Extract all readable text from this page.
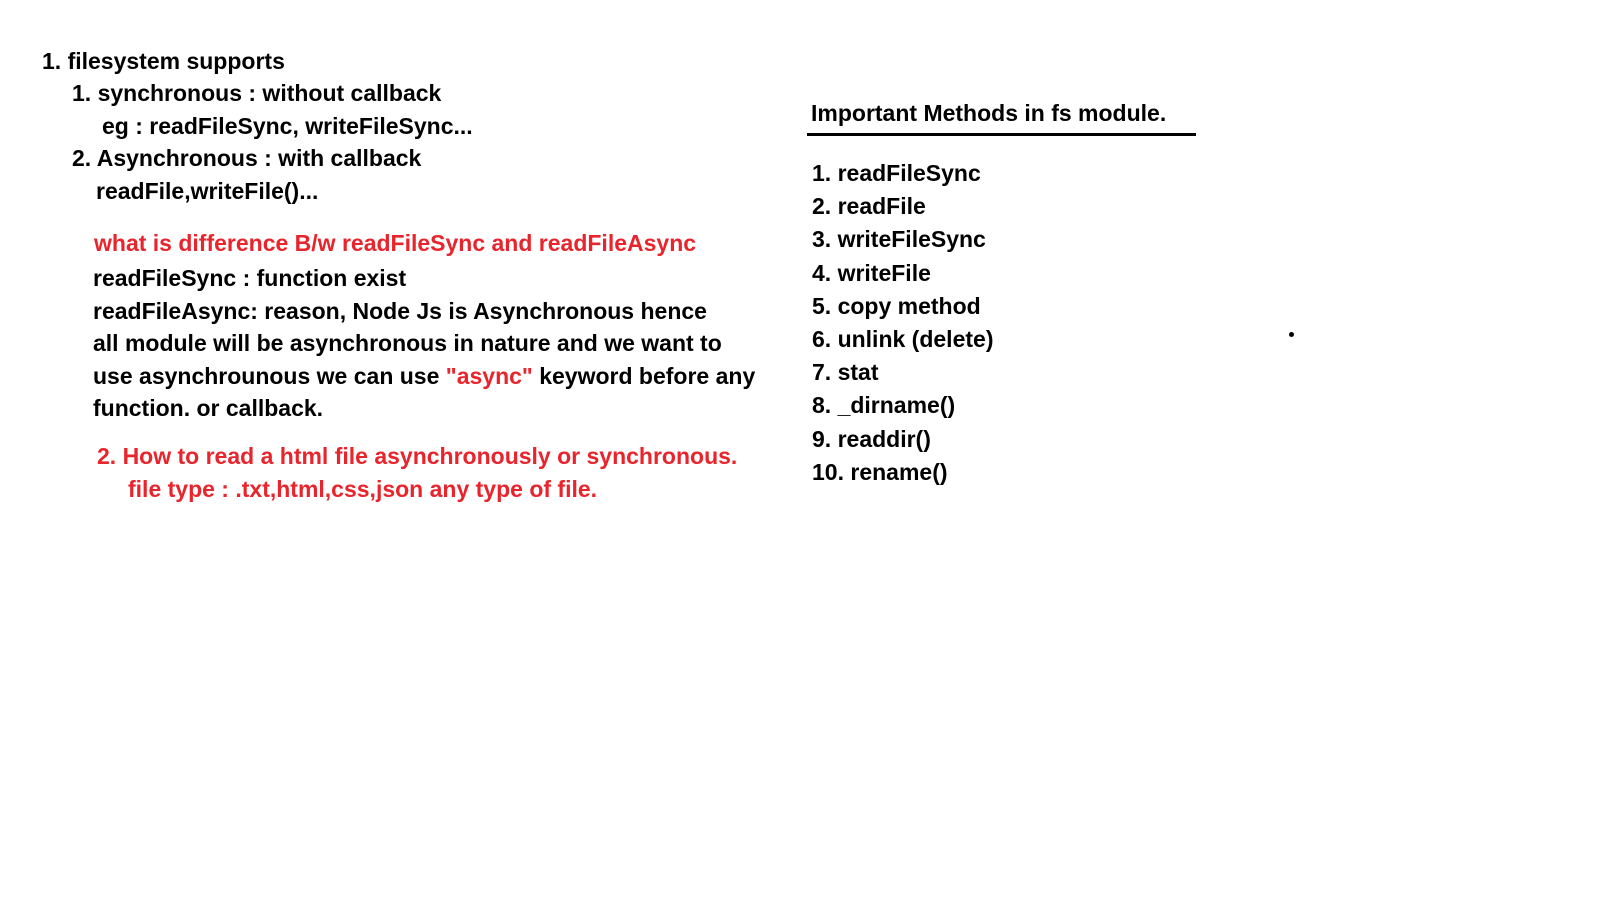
1. filesystem supports
1. synchronous : without callback
eg : readFileSync, writeFileSync...
2. Asynchronous : with callback
readFile,writeFile()...
what is difference B/w readFileSync and readFileAsync
readFileSync : function exist
readFileAsync: reason, Node Js is Asynchronous hence
all module will be asynchronous in nature and we want to
use asynchrounous we can use "async" keyword before any
function. or callback.
2. How to read a html file asynchronously or synchronous.
file type : .txt,html,css,json any type of file.
Important Methods in fs module.
1. readFileSync
2. readFile
3. writeFileSync
4. writeFile
5. copy method
6. unlink (delete)
7. stat
8. _dirname()
9. readdir()
10. rename()
